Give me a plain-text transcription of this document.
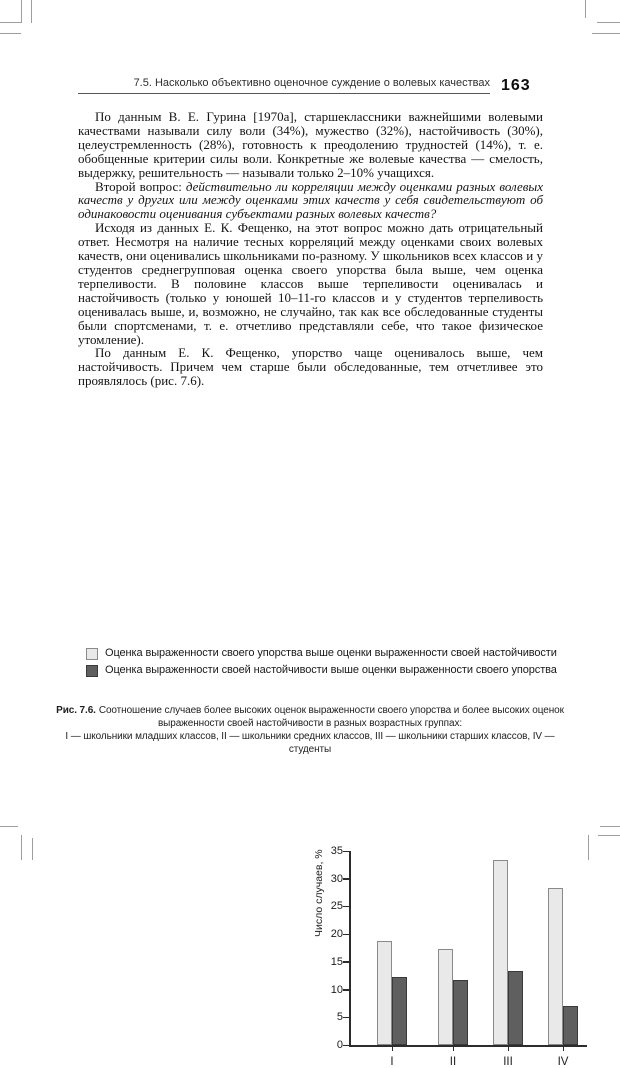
7.5. Насколько объективно оценочное суждение о волевых качествах 163

По данным В. Е. Гурина [1970а], старшеклассники важнейшими волевыми качествами называли силу воли (34%), мужество (32%), настойчивость (30%), целеустремленность (28%), готовность к преодолению трудностей (14%), т. е. обобщенные критерии силы воли. Конкретные же волевые качества — смелость, выдержку, решительность — называли только 2–10% учащихся.

Второй вопрос: действительно ли корреляции между оценками разных волевых качеств у других или между оценками этих качеств у себя свидетельствуют об одинаковости оценивания субъектами разных волевых качеств?

Исходя из данных Е. К. Фещенко, на этот вопрос можно дать отрицательный ответ. Несмотря на наличие тесных корреляций между оценками своих волевых качеств, они оценивались школьниками по-разному. У школьников всех классов и у студентов среднегрупповая оценка своего упорства была выше, чем оценка терпеливости. В половине классов выше терпеливости оценивалась и настойчивость (только у юношей 10–11-го классов и у студентов терпеливость оценивалась выше, и, возможно, не случайно, так как все обследованные студенты были спортсменами, т. е. отчетливо представляли себе, что такое физическое утомление).

По данным Е. К. Фещенко, упорство чаще оценивалось выше, чем настойчивость. Причем чем старше были обследованные, тем отчетливее это проявлялось (рис. 7.6).

Число случаев, %
0
5
10
15
20
25
30
35
I	II	III	IV
Оценка выраженности своего упорства выше оценки выраженности своей настойчивости
Оценка выраженности своей настойчивости выше оценки выраженности своего упорства
Рис. 7.6. Соотношение случаев более высоких оценок выраженности своего упорства и более высоких оценок выраженности своей настойчивости в разных возрастных группах:
I — школьники младших классов, II — школьники средних классов, III — школьники старших классов, IV — студенты
